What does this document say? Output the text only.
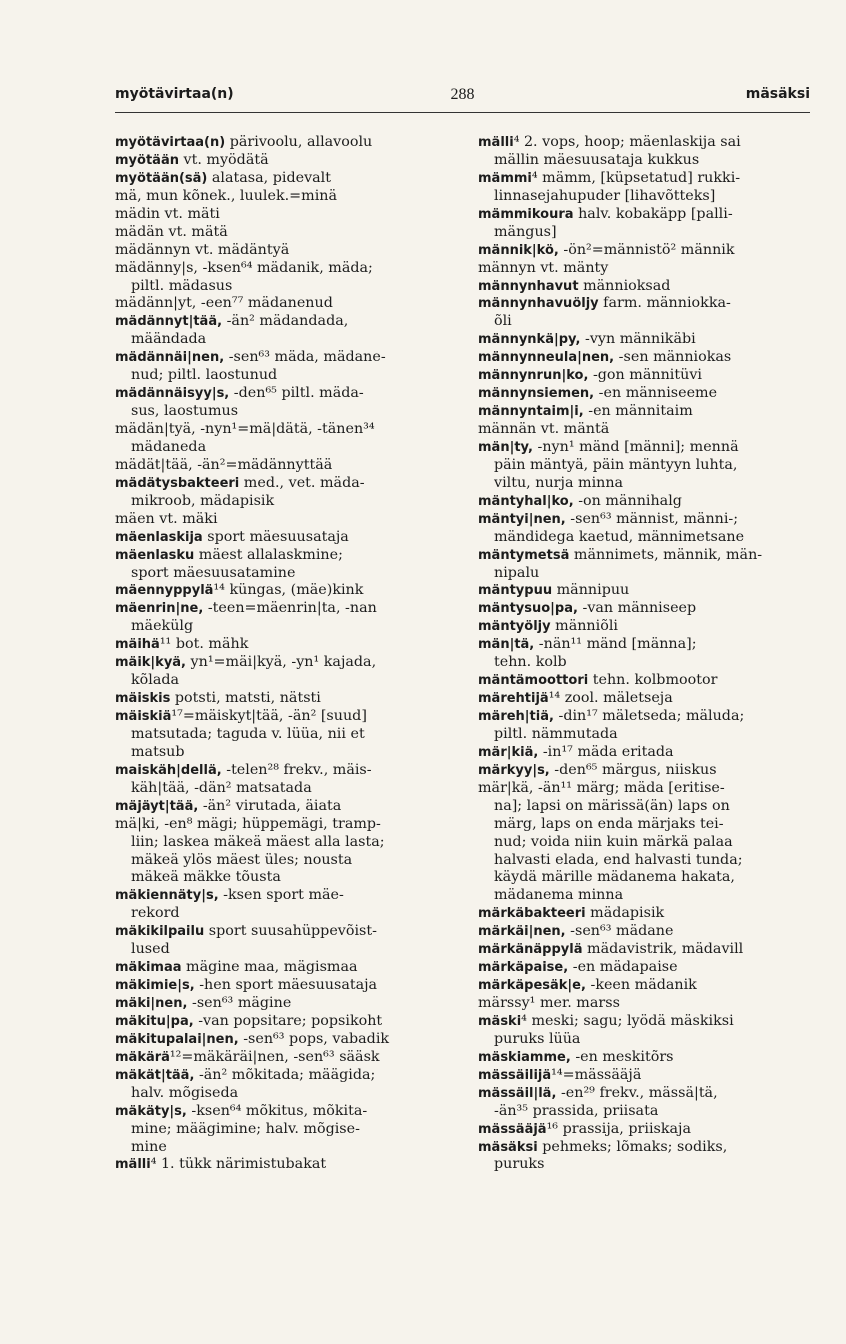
myötävirtaa(n)	288	mäsäksi
myötävirtaa(n) pärivoolu, allavoolu
myötään vt. myödätä
myötään(sä) alatasa, pidevalt
mä, mun kõnek., luulek.=minä
mädin vt. mäti
mädän vt. mätä
mädännyn vt. mädäntyä
mädänny|s, -ksen⁶⁴ mädanik, mäda;
piltl. mädasus
mädänn|yt, -een⁷⁷ mädanenud
mädännyt|tää, -än² mädandada,
määndada
mädännäi|nen, -sen⁶³ mäda, mädane-
nud; piltl. laostunud
mädännäisyy|s, -den⁶⁵ piltl. mäda-
sus, laostumus
mädän|tyä, -nyn¹=mä|dätä, -tänen³⁴
mädaneda
mädät|tää, -än²=mädännyttää
mädätysbakteeri med., vet. mäda-
mikroob, mädapisik
mäen vt. mäki
mäenlaskija sport mäesuusataja
mäenlasku mäest allalaskmine;
sport mäesuusatamine
mäennyppylä¹⁴ küngas, (mäe)kink
mäenrin|ne, -teen=mäenrin|ta, -nan
mäekülg
mäihä¹¹ bot. mähk
mäik|kyä, yn¹=mäi|kyä, -yn¹ kajada,
kõlada
mäiskis potsti, matsti, nätsti
mäiskiä¹⁷=mäiskyt|tää, -än² [suud]
matsutada; taguda v. lüüa, nii et
matsub
maiskäh|dellä, -telen²⁸ frekv., mäis-
käh|tää, -dän² matsatada
mäjäyt|tää, -än² virutada, äiata
mä|ki, -en⁸ mägi; hüppemägi, tramp-
liin; laskea mäkeä mäest alla lasta;
mäkeä ylös mäest üles; nousta
mäkeä mäkke tõusta
mäkiennäty|s, -ksen sport mäe-
rekord
mäkikilpailu sport suusahüppevõist-
lused
mäkimaa mägine maa, mägismaa
mäkimie|s, -hen sport mäesuusataja
mäki|nen, -sen⁶³ mägine
mäkitu|pa, -van popsitare; popsikoht
mäkitupalai|nen, -sen⁶³ pops, vabadik
mäkärä¹²=mäkäräi|nen, -sen⁶³ sääsk
mäkät|tää, -än² mõkitada; määgida;
halv. mõgiseda
mäkäty|s, -ksen⁶⁴ mõkitus, mõkita-
mine; määgimine; halv. mõgise-
mine
mälli⁴ 1. tükk närimistubakat
mälli⁴ 2. vops, hoop; mäenlaskija sai
mällin mäesuusataja kukkus
mämmi⁴ mämm, [küpsetatud] rukki-
linnasejahupuder [lihavõtteks]
mämmikoura halv. kobakäpp [palli-
mängus]
männik|kö, -ön²=männistö² männik
männyn vt. mänty
männynhavut männioksad
männynhavuöljy farm. männiokka-
õli
männynkä|py, -vyn männikäbi
männynneula|nen, -sen männiokas
männynrun|ko, -gon männitüvi
männynsiemen, -en männiseeme
männyntaim|i, -en männitaim
männän vt. mäntä
män|ty, -nyn¹ mänd [männi]; mennä
päin mäntyä, päin mäntyyn luhta,
viltu, nurja minna
mäntyhal|ko, -on männihalg
mäntyi|nen, -sen⁶³ männist, männi-;
mändidega kaetud, männimetsane
mäntymetsä männimets, männik, män-
nipalu
mäntypuu männipuu
mäntysuo|pa, -van männiseep
mäntyöljy männiõli
män|tä, -nän¹¹ mänd [männa];
tehn. kolb
mäntämoottori tehn. kolbmootor
märehtijä¹⁴ zool. mäletseja
märeh|tiä, -din¹⁷ mäletseda; mäluda;
piltl. nämmutada
mär|kiä, -in¹⁷ mäda eritada
märkyy|s, -den⁶⁵ märgus, niiskus
mär|kä, -än¹¹ märg; mäda [eritise-
na]; lapsi on märissä(än) laps on
märg, laps on enda märjaks tei-
nud; voida niin kuin märkä palaa
halvasti elada, end halvasti tunda;
käydä märille mädanema hakata,
mädanema minna
märkäbakteeri mädapisik
märkäi|nen, -sen⁶³ mädane
märkänäppylä mädavistrik, mädavill
märkäpaise, -en mädapaise
märkäpesäk|e, -keen mädanik
märssy¹ mer. marss
mäski⁴ meski; sagu; lyödä mäskiksi
puruks lüüa
mäskiamme, -en meskitõrs
mässäilijä¹⁴=mässääjä
mässäil|lä, -en²⁹ frekv., mässä|tä,
-än³⁵ prassida, priisata
mässääjä¹⁶ prassija, priiskaja
mäsäksi pehmeks; lõmaks; sodiks,
puruks
